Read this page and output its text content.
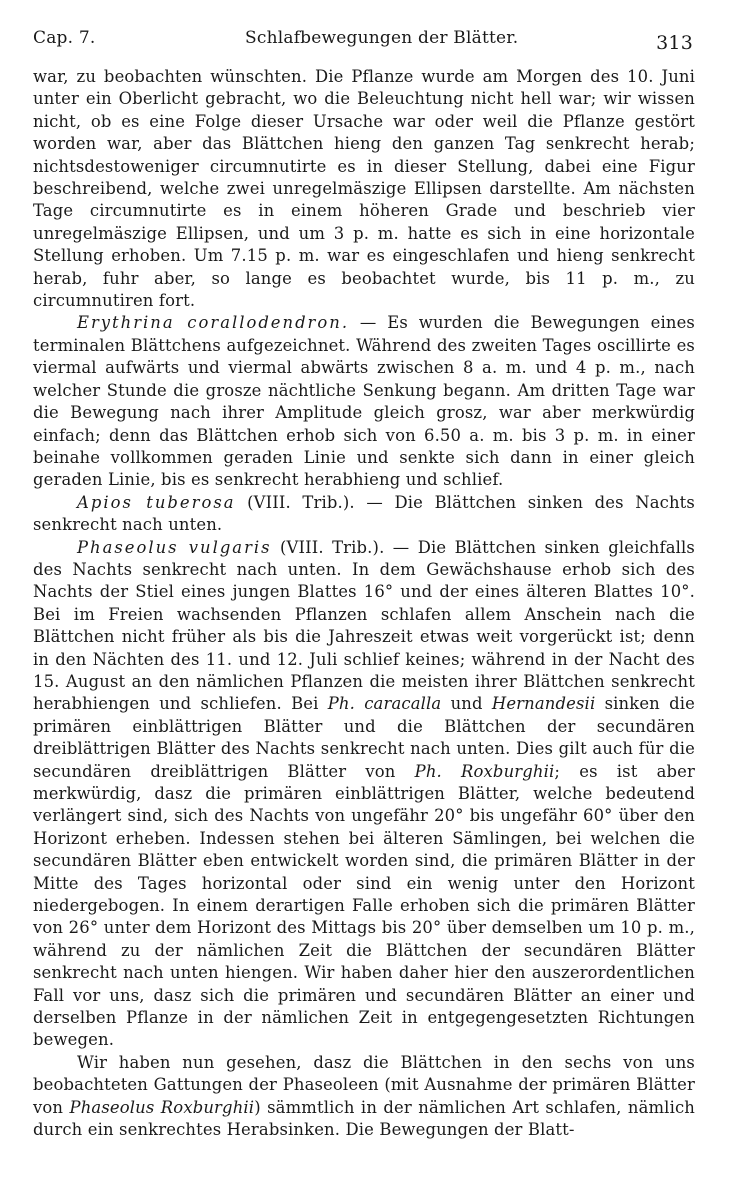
Cap. 7.	Schlafbewegungen der Blätter.	313

war, zu beobachten wünschten. Die Pflanze wurde am Morgen des 10. Juni unter ein Oberlicht gebracht, wo die Beleuchtung nicht hell war; wir wissen nicht, ob es eine Folge dieser Ursache war oder weil die Pflanze gestört worden war, aber das Blättchen hieng den ganzen Tag senkrecht herab; nichtsdestoweniger circumnutirte es in dieser Stellung, dabei eine Figur beschreibend, welche zwei unregelmäszige Ellipsen darstellte. Am nächsten Tage circumnutirte es in einem höheren Grade und beschrieb vier unregelmäszige Ellipsen, und um 3 p. m. hatte es sich in eine horizontale Stellung erhoben. Um 7.15 p. m. war es eingeschlafen und hieng senkrecht herab, fuhr aber, so lange es beobachtet wurde, bis 11 p. m., zu circumnutiren fort.

Erythrina corallodendron. — Es wurden die Bewegungen eines terminalen Blättchens aufgezeichnet. Während des zweiten Tages oscillirte es viermal aufwärts und viermal abwärts zwischen 8 a. m. und 4 p. m., nach welcher Stunde die grosze nächtliche Senkung begann. Am dritten Tage war die Bewegung nach ihrer Amplitude gleich grosz, war aber merkwürdig einfach; denn das Blättchen erhob sich von 6.50 a. m. bis 3 p. m. in einer beinahe vollkommen geraden Linie und senkte sich dann in einer gleich geraden Linie, bis es senkrecht herabhieng und schlief.

Apios tuberosa (VIII. Trib.). — Die Blättchen sinken des Nachts senkrecht nach unten.

Phaseolus vulgaris (VIII. Trib.). — Die Blättchen sinken gleichfalls des Nachts senkrecht nach unten. In dem Gewächshause erhob sich des Nachts der Stiel eines jungen Blattes 16° und der eines älteren Blattes 10°. Bei im Freien wachsenden Pflanzen schlafen allem Anschein nach die Blättchen nicht früher als bis die Jahreszeit etwas weit vorgerückt ist; denn in den Nächten des 11. und 12. Juli schlief keines; während in der Nacht des 15. August an den nämlichen Pflanzen die meisten ihrer Blättchen senkrecht herabhiengen und schliefen. Bei Ph. caracalla und Hernandesii sinken die primären einblättrigen Blätter und die Blättchen der secundären dreiblättrigen Blätter des Nachts senkrecht nach unten. Dies gilt auch für die secundären dreiblättrigen Blätter von Ph. Roxburghii; es ist aber merkwürdig, dasz die primären einblättrigen Blätter, welche bedeutend verlängert sind, sich des Nachts von ungefähr 20° bis ungefähr 60° über den Horizont erheben. Indessen stehen bei älteren Sämlingen, bei welchen die secundären Blätter eben entwickelt worden sind, die primären Blätter in der Mitte des Tages horizontal oder sind ein wenig unter den Horizont niedergebogen. In einem derartigen Falle erhoben sich die primären Blätter von 26° unter dem Horizont des Mittags bis 20° über demselben um 10 p. m., während zu der nämlichen Zeit die Blättchen der secundären Blätter senkrecht nach unten hiengen. Wir haben daher hier den auszerordentlichen Fall vor uns, dasz sich die primären und secundären Blätter an einer und derselben Pflanze in der nämlichen Zeit in entgegengesetzten Richtungen bewegen.

Wir haben nun gesehen, dasz die Blättchen in den sechs von uns beobachteten Gattungen der Phaseoleen (mit Ausnahme der primären Blätter von Phaseolus Roxburghii) sämmtlich in der nämlichen Art schlafen, nämlich durch ein senkrechtes Herabsinken. Die Bewegungen der Blatt-
